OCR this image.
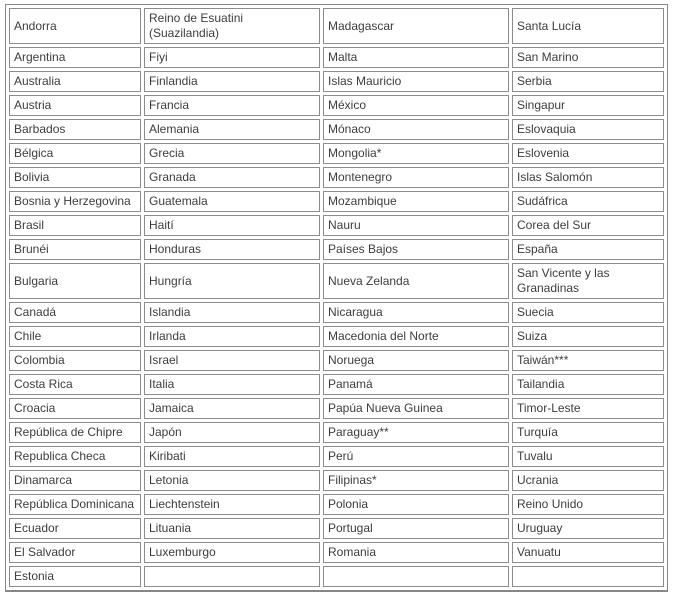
Andorra	Reino de Esuatini (Suazilandia)	Madagascar	Santa Lucía
Argentina	Fiyi	Malta	San Marino
Australia	Finlandia	Islas Mauricio	Serbia
Austria	Francia	México	Singapur
Barbados	Alemania	Mónaco	Eslovaquia
Bélgica	Grecia	Mongolia*	Eslovenia
Bolivia	Granada	Montenegro	Islas Salomón
Bosnia y Herzegovina	Guatemala	Mozambique	Sudáfrica
Brasil	Haití	Nauru	Corea del Sur
Brunéi	Honduras	Países Bajos	España
Bulgaria	Hungría	Nueva Zelanda	San Vicente y las Granadinas
Canadá	Islandia	Nicaragua	Suecia
Chile	Irlanda	Macedonia del Norte	Suiza
Colombia	Israel	Noruega	Taiwán***
Costa Rica	Italia	Panamá	Tailandia
Croacia	Jamaica	Papúa Nueva Guinea	Timor-Leste
República de Chipre	Japón	Paraguay**	Turquía
Republica Checa	Kiribati	Perú	Tuvalu
Dinamarca	Letonia	Filipinas*	Ucrania
República Dominicana	Liechtenstein	Polonia	Reino Unido
Ecuador	Lituania	Portugal	Uruguay
El Salvador	Luxemburgo	Romania	Vanuatu
Estonia			
